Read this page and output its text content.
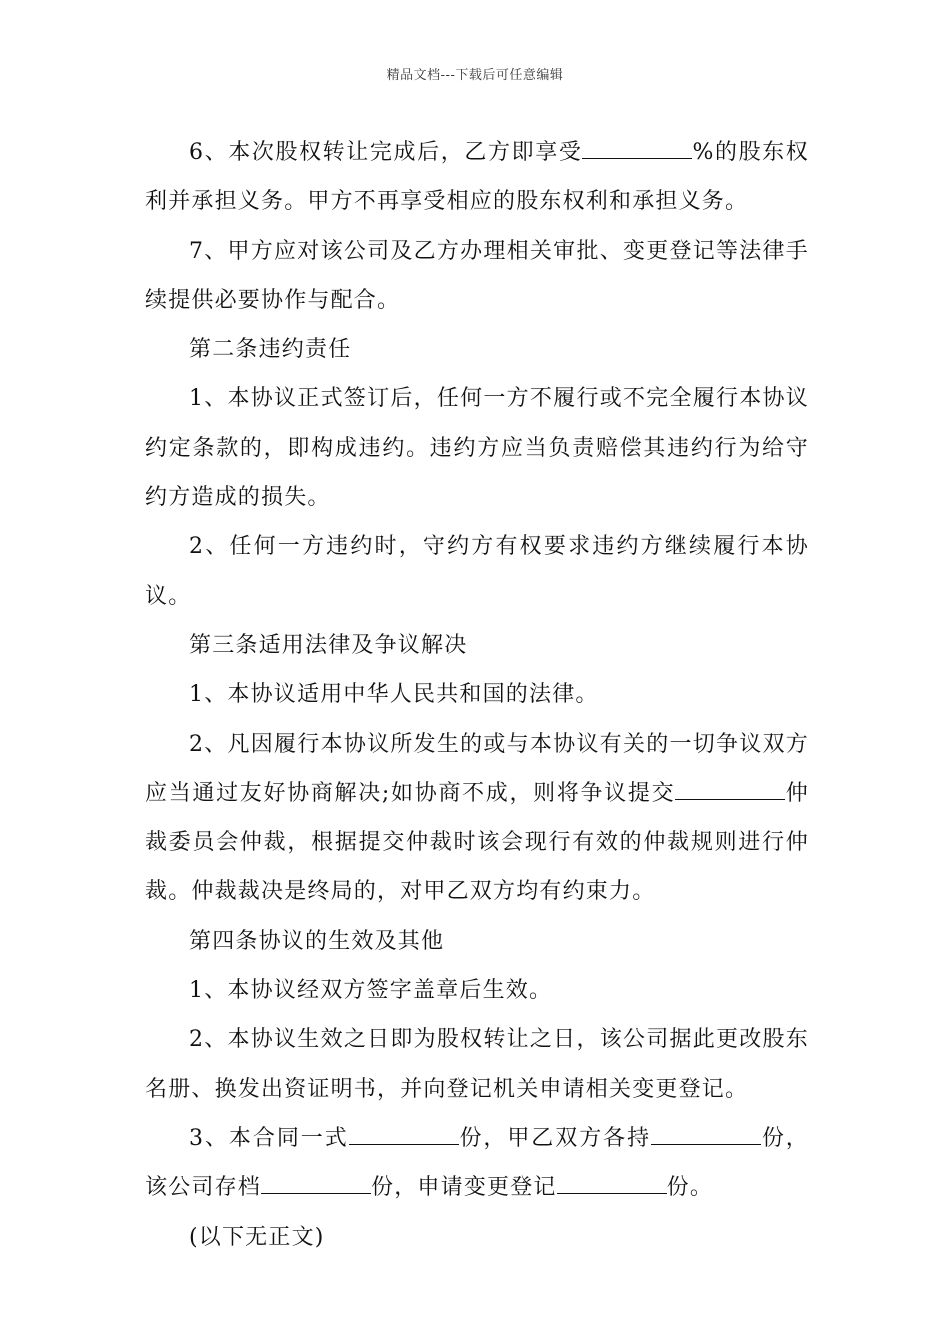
精品文档---下载后可任意编辑

6、本次股权转让完成后，乙方即享受	%的股东权利并承担义务。甲方不再享受相应的股东权利和承担义务。

7、甲方应对该公司及乙方办理相关审批、变更登记等法律手续提供必要协作与配合。

第二条违约责任

1、本协议正式签订后，任何一方不履行或不完全履行本协议约定条款的，即构成违约。违约方应当负责赔偿其违约行为给守约方造成的损失。

2、任何一方违约时，守约方有权要求违约方继续履行本协议。

第三条适用法律及争议解决

1、本协议适用中华人民共和国的法律。

2、凡因履行本协议所发生的或与本协议有关的一切争议双方应当通过友好协商解决;如协商不成，则将争议提交	仲裁委员会仲裁，根据提交仲裁时该会现行有效的仲裁规则进行仲裁。仲裁裁决是终局的，对甲乙双方均有约束力。

第四条协议的生效及其他

1、本协议经双方签字盖章后生效。

2、本协议生效之日即为股权转让之日，该公司据此更改股东名册、换发出资证明书，并向登记机关申请相关变更登记。

3、本合同一式	份，甲乙双方各持	份，该公司存档	份，申请变更登记	份。

(以下无正文)
